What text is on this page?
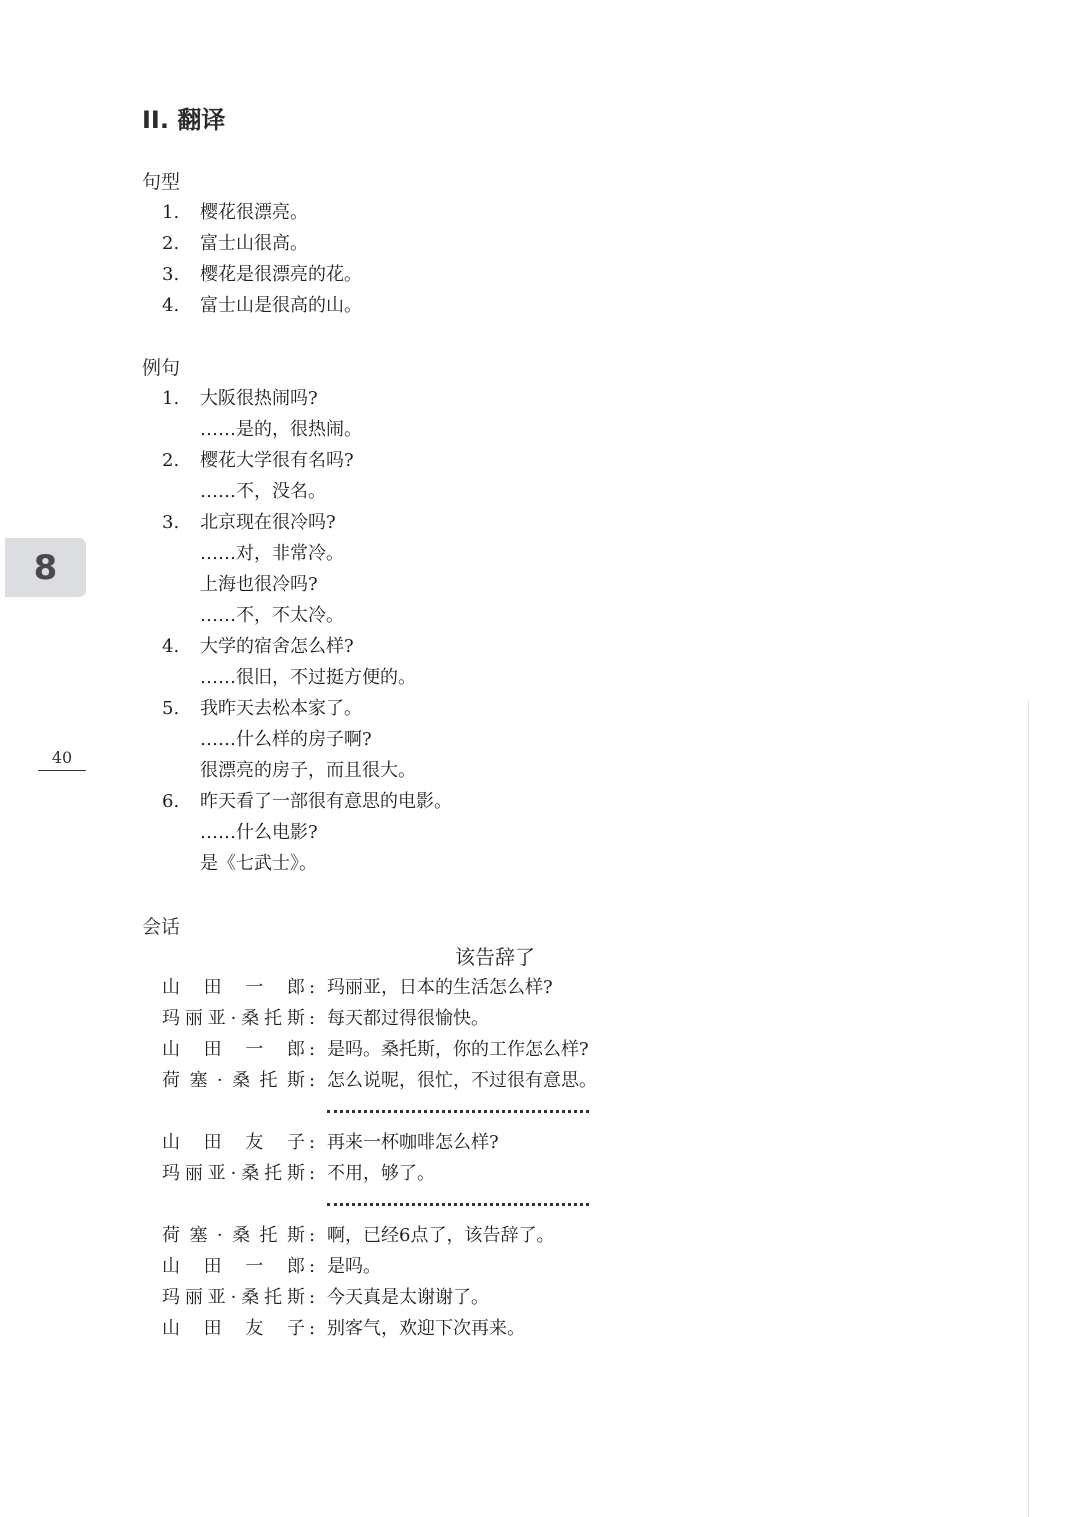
II. 翻译
句型
1. 樱花很漂亮。
2. 富士山很高。
3. 樱花是很漂亮的花。
4. 富士山是很高的山。
例句
1. 大阪很热闹吗?
……是的，很热闹。
2. 樱花大学很有名吗?
……不，没名。
3. 北京现在很冷吗?
……对，非常冷。
上海也很冷吗?
……不，不太冷。
4. 大学的宿舍怎么样?
……很旧，不过挺方便的。
5. 我昨天去松本家了。
……什么样的房子啊?
很漂亮的房子，而且很大。
6. 昨天看了一部很有意思的电影。
……什么电影?
是《七武士》。
8
40
会话
该告辞了
山 田 一 郎 : 玛丽亚，日本的生活怎么样?
玛 丽 亚 · 桑 托 斯 : 每天都过得很愉快。
山 田 一 郎 : 是吗。桑托斯，你的工作怎么样?
荷 塞 · 桑 托 斯 : 怎么说呢，很忙，不过很有意思。
山 田 友 子 : 再来一杯咖啡怎么样?
玛 丽 亚 · 桑 托 斯 : 不用，够了。
荷 塞 · 桑 托 斯 : 啊，已经6点了，该告辞了。
山 田 一 郎 : 是吗。
玛 丽 亚 · 桑 托 斯 : 今天真是太谢谢了。
山 田 友 子 : 别客气，欢迎下次再来。
